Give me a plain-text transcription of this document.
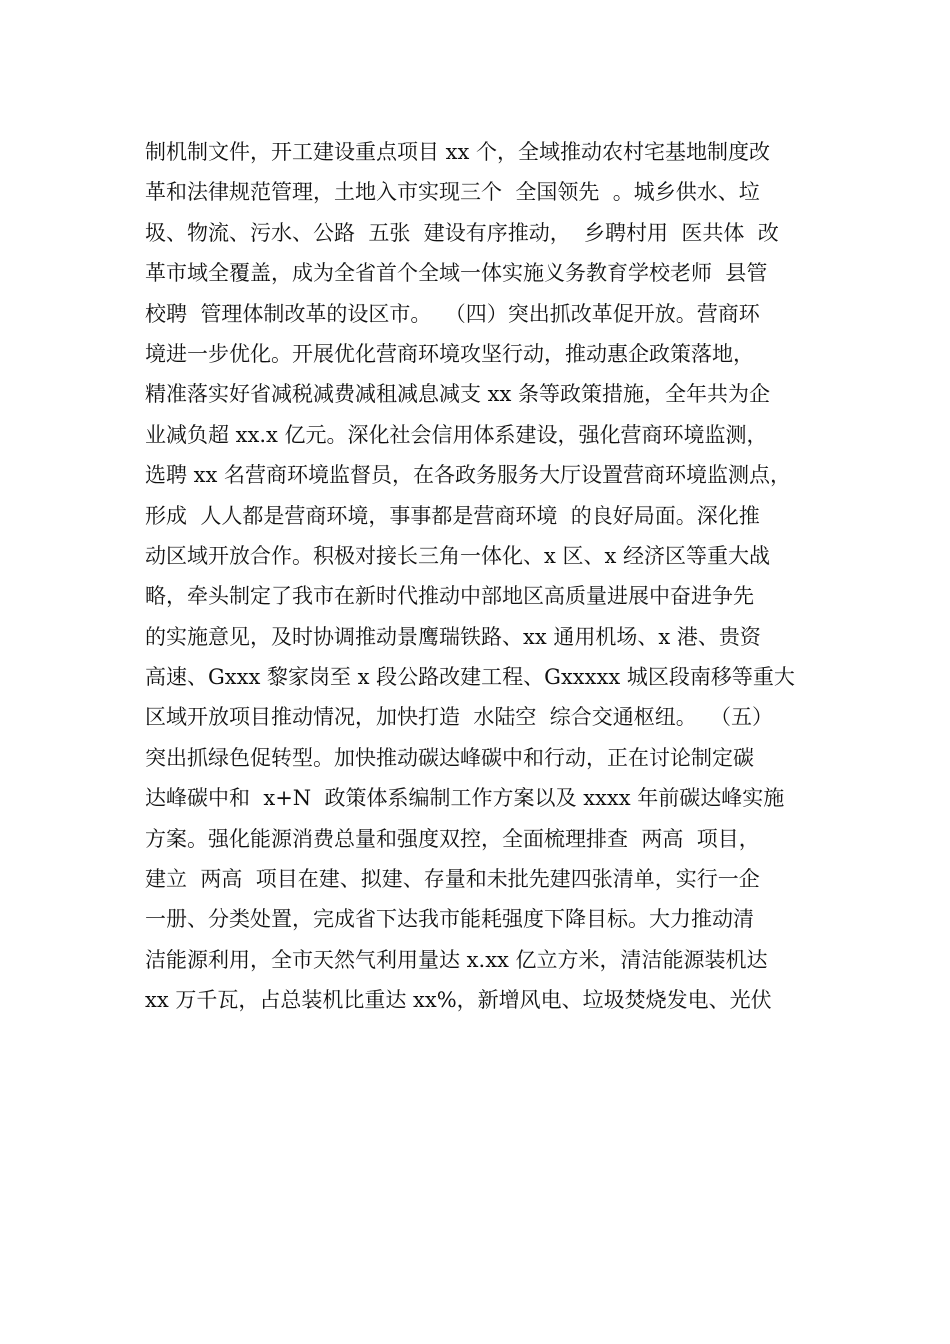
制机制文件，开工建设重点项目 xx 个，全域推动农村宅基地制度改
革和法律规范管理，土地入市实现三个  全国领先  。城乡供水、垃
圾、物流、污水、公路  五张  建设有序推动，  乡聘村用  医共体  改
革市域全覆盖，成为全省首个全域一体实施义务教育学校老师  县管
校聘  管理体制改革的设区市。  （四）突出抓改革促开放。营商环
境进一步优化。开展优化营商环境攻坚行动，推动惠企政策落地，
精准落实好省减税减费减租减息减支 xx 条等政策措施，全年共为企
业减负超 xx.x 亿元。深化社会信用体系建设，强化营商环境监测，
选聘 xx 名营商环境监督员，在各政务服务大厅设置营商环境监测点，
形成  人人都是营商环境，事事都是营商环境  的良好局面。深化推
动区域开放合作。积极对接长三角一体化、x 区、x 经济区等重大战
略，牵头制定了我市在新时代推动中部地区高质量进展中奋进争先
的实施意见，及时协调推动景鹰瑞铁路、xx 通用机场、x 港、贵资
高速、Gxxx 黎家岗至 x 段公路改建工程、Gxxxxx 城区段南移等重大
区域开放项目推动情况，加快打造  水陆空  综合交通枢纽。  （五）
突出抓绿色促转型。加快推动碳达峰碳中和行动，正在讨论制定碳
达峰碳中和  x+N  政策体系编制工作方案以及 xxxx 年前碳达峰实施
方案。强化能源消费总量和强度双控，全面梳理排查  两高  项目，
建立  两高  项目在建、拟建、存量和未批先建四张清单，实行一企
一册、分类处置，完成省下达我市能耗强度下降目标。大力推动清
洁能源利用，全市天然气利用量达 x.xx 亿立方米，清洁能源装机达
xx 万千瓦，占总装机比重达 xx%，新增风电、垃圾焚烧发电、光伏
